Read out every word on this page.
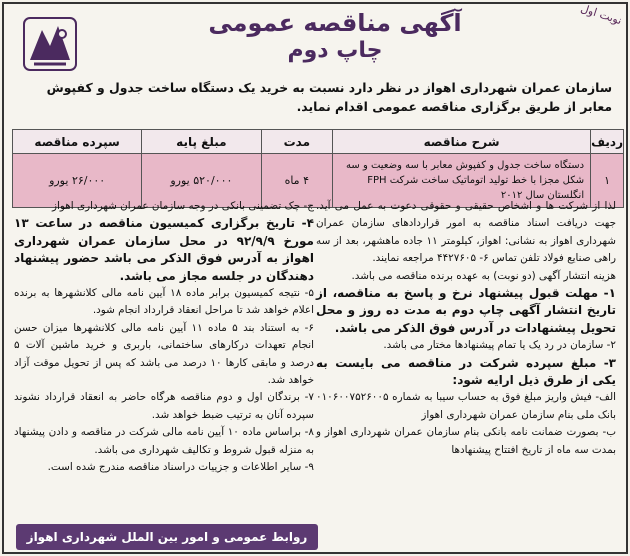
نوبت اول
آگهی مناقصه عمومی
چاپ دوم
سازمان عمران شهرداری اهواز در نظر دارد نسبت به خرید یک دستگاه ساخت جدول و کفپوش معابر از طریق برگزاری مناقصه عمومی اقدام نماید.
ردیف	شرح مناقصه	مدت	مبلغ پایه	سپرده مناقصه
۱	دستگاه ساخت جدول و کفپوش معابر با سه وضعیت و سه شکل مجزا با خط تولید اتوماتیک ساخت شرکت FPH انگلستان سال ۲۰۱۲	۴ ماه	۵۲۰/۰۰۰ یورو	۲۶/۰۰۰ یورو

لذا از شرکت ها و اشخاص حقیقی و حقوقی دعوت به عمل می آید. جهت دریافت اسناد مناقصه به امور قراردادهای سازمان عمران شهرداری اهواز به نشانی: اهواز، کیلومتر ۱۱ جاده ماهشهر، بعد از سه راهی صنایع فولاد تلفن تماس ۶- ۴۴۲۷۶۰۵ مراجعه نمایند.

هزینه انتشار آگهی (دو نوبت) به عهده برنده مناقصه می باشد.

۱- مهلت قبول پیشنهاد نرخ و پاسخ به مناقصه، از تاریخ انتشار آگهی چاپ دوم به مدت ده روز و محل تحویل پیشنهادات در آدرس فوق الذکر می باشد.

۲- سازمان در رد یک یا تمام پیشنهادها مختار می باشد.

۳- مبلغ سپرده شرکت در مناقصه می بایست به یکی از طرق ذیل ارایه شود:

الف- فیش واریز مبلغ فوق به حساب سیبا به شماره ۰۱۰۶۰۰۷۵۲۶۰۰۵ بانک ملی بنام سازمان عمران شهرداری اهواز

ب- بصورت ضمانت نامه بانکی بنام سازمان عمران شهرداری اهواز و بمدت سه ماه از تاریخ افتتاح پیشنهادها

ج- چک تضمینی بانکی در وجه سازمان عمران شهرداری اهواز

۴- تاریخ برگزاری کمیسیون مناقصه در ساعت ۱۳ مورخ ۹۲/۹/۹ در محل سازمان عمران شهرداری اهواز به آدرس فوق الذکر می باشد حضور پیشنهاد دهندگان در جلسه مجاز می باشد.

۵- نتیجه کمیسیون برابر ماده ۱۸ آیین نامه مالی کلانشهرها به برنده اعلام خواهد شد تا مراحل انعقاد قرارداد انجام شود.

۶- به استناد بند ۵ ماده ۱۱ آیین نامه مالی کلانشهرها میزان حسن انجام تعهدات درکارهای ساختمانی، باربری و خرید ماشین آلات ۵ درصد و مابقی کارها ۱۰ درصد می باشد که پس از تحویل موقت آزاد خواهد شد.

۷- برندگان اول و دوم مناقصه هرگاه حاضر به انعقاد قرارداد نشوند سپرده آنان به ترتیب ضبط خواهد شد.

۸- براساس ماده ۱۰ آیین نامه مالی شرکت در مناقصه و دادن پیشنهاد به منزله قبول شروط و تکالیف شهرداری می باشد.

۹- سایر اطلاعات و جزییات دراسناد مناقصه مندرج شده است.

روابط عمومی و امور بین الملل شهرداری اهواز
